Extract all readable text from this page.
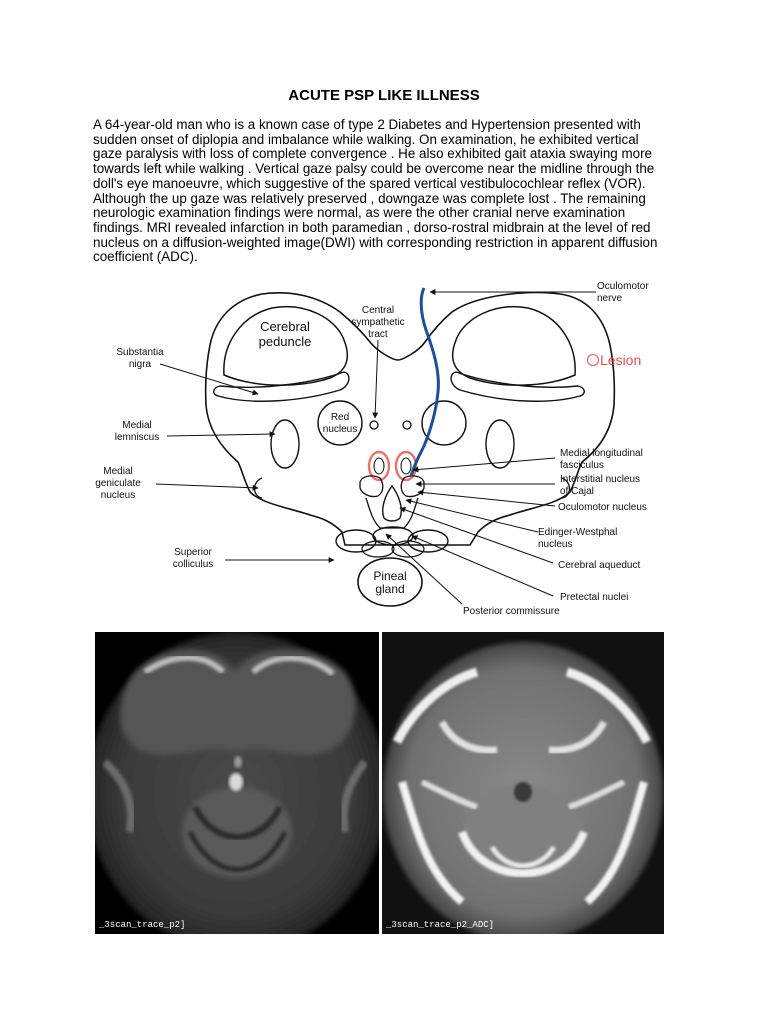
ACUTE PSP LIKE ILLNESS
A 64-year-old man who is a known case of type 2 Diabetes and Hypertension presented with
sudden onset of diplopia and imbalance while walking. On examination, he exhibited vertical
gaze paralysis with loss of complete convergence . He also exhibited gait ataxia swaying more
towards left while walking . Vertical gaze palsy could be overcome near the midline through the
doll's eye manoeuvre, which suggestive of the spared vertical vestibulocochlear reflex (VOR).
Although the up gaze was relatively preserved , downgaze was complete lost . The remaining
neurologic examination findings were normal, as were the other cranial nerve examination
findings. MRI revealed infarction in both paramedian , dorso-rostral midbrain at the level of red
nucleus on a diffusion-weighted image(DWI) with corresponding restriction in apparent diffusion
coefficient (ADC).
Cerebral
peduncle
Central
sympathetic
tract
Oculomotor
nerve
Lesion
Substantia
nigra
Medial
lemniscus
Red
nucleus
Medial
geniculate
nucleus
Medial longitudinal
fasciculus
Interstitial nucleus
of Cajal
Oculomotor nucleus
Edinger-Westphal
nucleus
Cerebral aqueduct
Superior
colliculus
Pineal
gland
Pretectal nuclei
Posterior commissure
_3scan_trace_p2]	_3scan_trace_p2_ADC]
